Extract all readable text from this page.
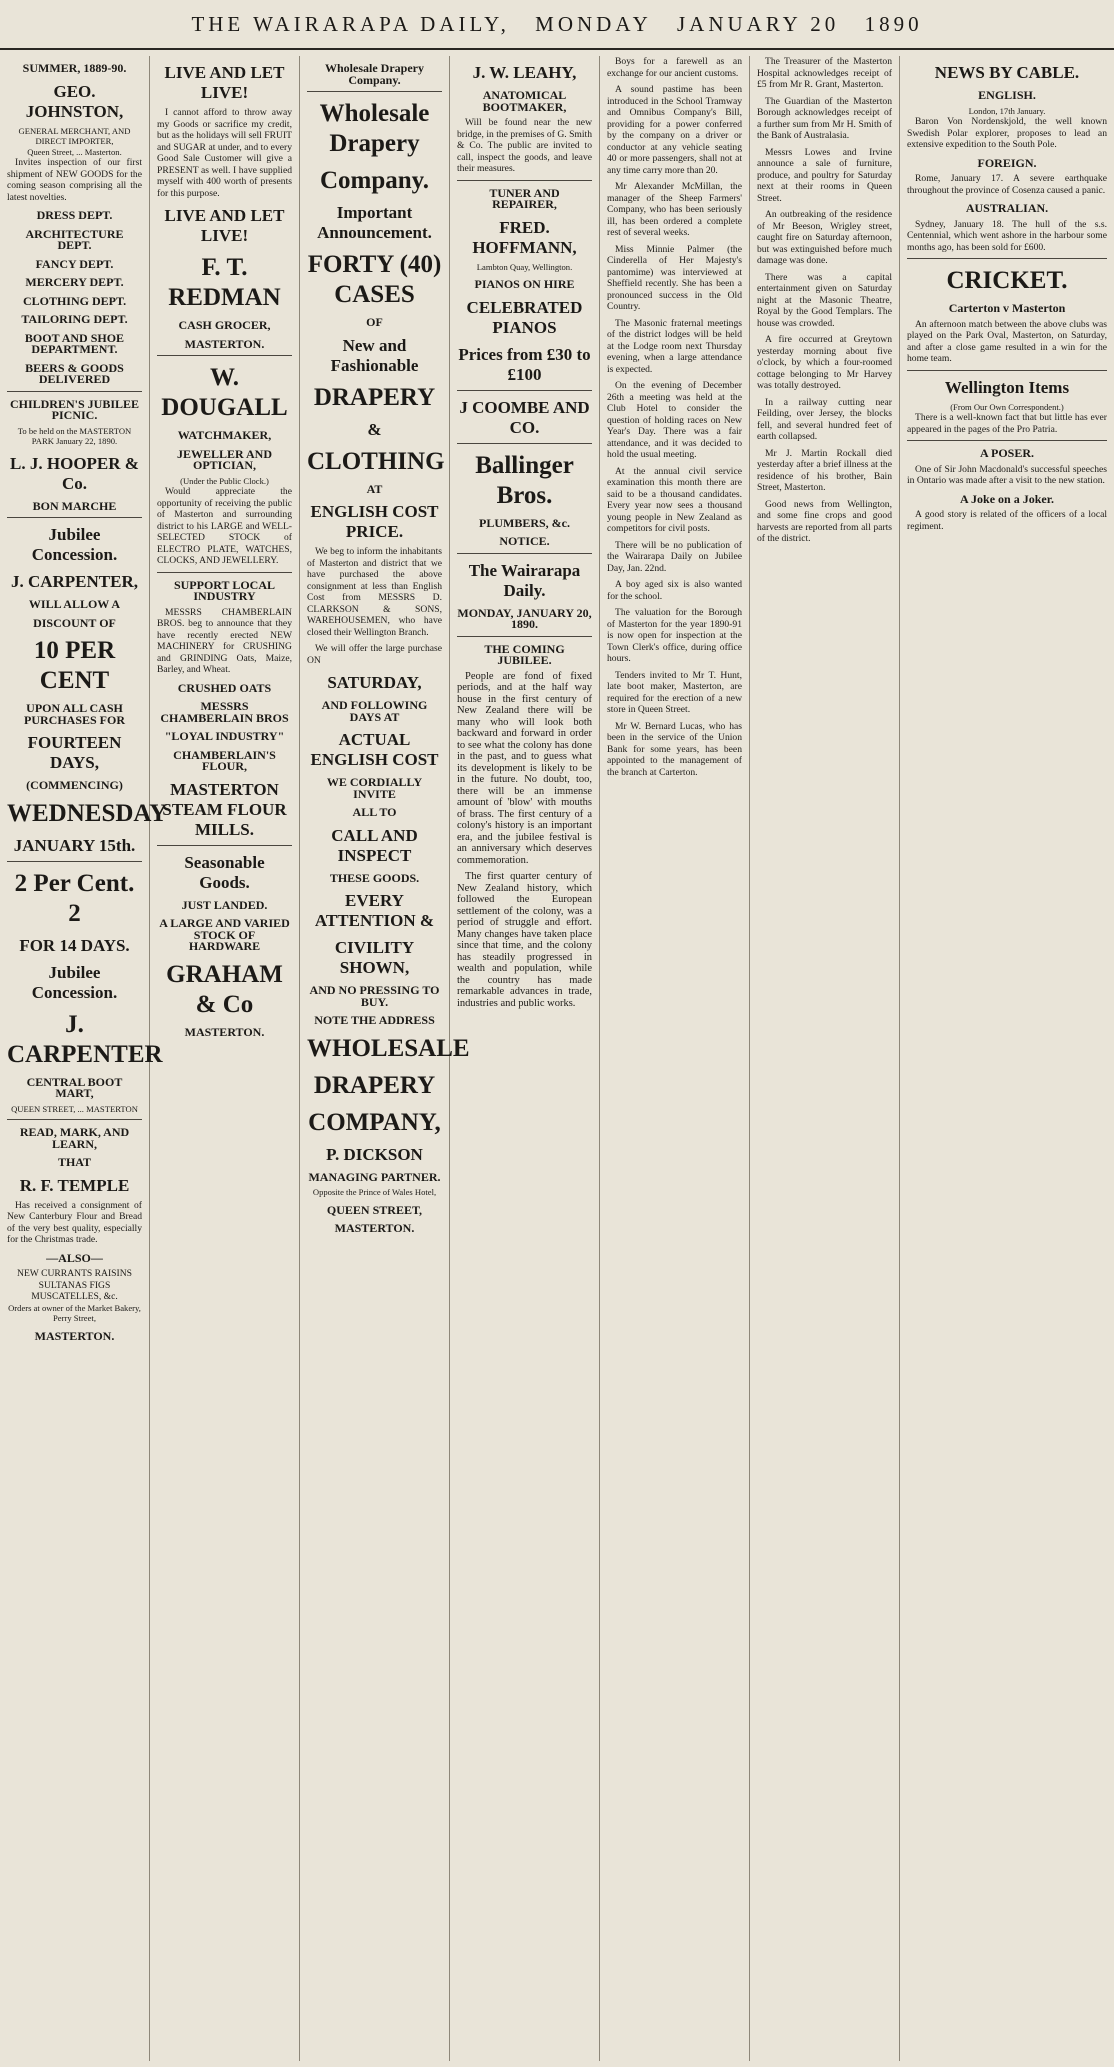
THE WAIRARAPA DAILY, MONDAY JANUARY 20 1890
SUMMER, 1889-90.
GEO. JOHNSTON,
GENERAL MERCHANT, AND DIRECT IMPORTER,
Queen Street, ... Masterton.

Invites inspection of our first shipment of NEW GOODS for the coming season comprising all the latest novelties.

DRESS DEPT.
ARCHITECTURE DEPT.
FANCY DEPT.
MERCERY DEPT.
CLOTHING DEPT.
TAILORING DEPT.
BOOT AND SHOE DEPARTMENT.
BEERS & GOODS DELIVERED
CHILDREN'S JUBILEE PICNIC.
To be held on the MASTERTON PARK January 22, 1890.
L. J. HOOPER & Co.
BON MARCHE
Jubilee Concession.
J. CARPENTER,
WILL ALLOW A
DISCOUNT OF
10 PER CENT
UPON ALL CASH PURCHASES FOR
FOURTEEN DAYS,
(COMMENCING)
WEDNESDAY
JANUARY 15th.
2 Per Cent. 2
FOR 14 DAYS.
Jubilee Concession.
J. CARPENTER
CENTRAL BOOT MART,
QUEEN STREET, ... MASTERTON
READ, MARK, AND LEARN,
THAT
R. F. TEMPLE

Has received a consignment of New Canterbury Flour and Bread of the very best quality, especially for the Christmas trade.

—ALSO—
NEW CURRANTS RAISINS SULTANAS FIGS MUSCATELLES, &c.
Orders at owner of the Market Bakery, Perry Street,
MASTERTON.
LIVE AND LET LIVE!

I cannot afford to throw away my Goods or sacrifice my credit, but as the holidays will sell FRUIT and SUGAR at under, and to every Good Sale Customer will give a PRESENT as well. I have supplied myself with 400 worth of presents for this purpose.

LIVE AND LET LIVE!
F. T. REDMAN
CASH GROCER,
MASTERTON.
W. DOUGALL
WATCHMAKER,
JEWELLER AND OPTICIAN,
(Under the Public Clock.)

Would appreciate the opportunity of receiving the public of Masterton and surrounding district to his LARGE and WELL-SELECTED STOCK of ELECTRO PLATE, WATCHES, CLOCKS, AND JEWELLERY.

SUPPORT LOCAL INDUSTRY

MESSRS CHAMBERLAIN BROS. beg to announce that they have recently erected NEW MACHINERY for CRUSHING and GRINDING Oats, Maize, Barley, and Wheat.

CRUSHED OATS
MESSRS CHAMBERLAIN BROS
"LOYAL INDUSTRY"
CHAMBERLAIN'S FLOUR,
MASTERTON STEAM FLOUR MILLS.
Seasonable Goods.
JUST LANDED.
A LARGE AND VARIED STOCK OF HARDWARE
GRAHAM & Co
MASTERTON.
Wholesale Drapery Company.
Wholesale Drapery
Company.
Important Announcement.
FORTY (40) CASES
OF
New and Fashionable
DRAPERY
&
CLOTHING
AT
ENGLISH COST PRICE.

We beg to inform the inhabitants of Masterton and district that we have purchased the above consignment at less than English Cost from MESSRS D. CLARKSON & SONS, WAREHOUSEMEN, who have closed their Wellington Branch.

We will offer the large purchase ON

SATURDAY,
AND FOLLOWING DAYS AT
ACTUAL ENGLISH COST
WE CORDIALLY INVITE
ALL TO
CALL AND INSPECT
THESE GOODS.
EVERY ATTENTION &
CIVILITY SHOWN,
AND NO PRESSING TO BUY.
NOTE THE ADDRESS
WHOLESALE
DRAPERY
COMPANY,
P. DICKSON
MANAGING PARTNER.
Opposite the Prince of Wales Hotel,
QUEEN STREET,
MASTERTON.
J. W. LEAHY,
ANATOMICAL BOOTMAKER,

Will be found near the new bridge, in the premises of G. Smith & Co. The public are invited to call, inspect the goods, and leave their measures.

TUNER AND REPAIRER,
FRED. HOFFMANN,
Lambton Quay, Wellington.
PIANOS ON HIRE
CELEBRATED PIANOS
Prices from £30 to £100
J COOMBE AND CO.
Ballinger Bros.
PLUMBERS, &c.
NOTICE.
The Wairarapa Daily.
MONDAY, JANUARY 20, 1890.
THE COMING JUBILEE.

People are fond of fixed periods, and at the half way house in the first century of New Zealand there will be many who will look both backward and forward in order to see what the colony has done in the past, and to guess what its development is likely to be in the future. No doubt, too, there will be an immense amount of 'blow' with mouths of brass. The first century of a colony's history is an important era, and the jubilee festival is an anniversary which deserves commemoration.

The first quarter century of New Zealand history, which followed the European settlement of the colony, was a period of struggle and effort. Many changes have taken place since that time, and the colony has steadily progressed in wealth and population, while the country has made remarkable advances in trade, industries and public works.

Boys for a farewell as an exchange for our ancient customs.

A sound pastime has been introduced in the School Tramway and Omnibus Company's Bill, providing for a power conferred by the company on a driver or conductor at any vehicle seating 40 or more passengers, shall not at any time carry more than 20.

Mr Alexander McMillan, the manager of the Sheep Farmers' Company, who has been seriously ill, has been ordered a complete rest of several weeks.

Miss Minnie Palmer (the Cinderella of Her Majesty's pantomime) was interviewed at Sheffield recently. She has been a pronounced success in the Old Country.

The Masonic fraternal meetings of the district lodges will be held at the Lodge room next Thursday evening, when a large attendance is expected.

On the evening of December 26th a meeting was held at the Club Hotel to consider the question of holding races on New Year's Day. There was a fair attendance, and it was decided to hold the usual meeting.

At the annual civil service examination this month there are said to be a thousand candidates. Every year now sees a thousand young people in New Zealand as competitors for civil posts.

There will be no publication of the Wairarapa Daily on Jubilee Day, Jan. 22nd.

A boy aged six is also wanted for the school.

The valuation for the Borough of Masterton for the year 1890-91 is now open for inspection at the Town Clerk's office, during office hours.

Tenders invited to Mr T. Hunt, late boot maker, Masterton, are required for the erection of a new store in Queen Street.

Mr W. Bernard Lucas, who has been in the service of the Union Bank for some years, has been appointed to the management of the branch at Carterton.

The Treasurer of the Masterton Hospital acknowledges receipt of £5 from Mr R. Grant, Masterton.

The Guardian of the Masterton Borough acknowledges receipt of a further sum from Mr H. Smith of the Bank of Australasia.

Messrs Lowes and Irvine announce a sale of furniture, produce, and poultry for Saturday next at their rooms in Queen Street.

An outbreaking of the residence of Mr Beeson, Wrigley street, caught fire on Saturday afternoon, but was extinguished before much damage was done.

There was a capital entertainment given on Saturday night at the Masonic Theatre, Royal by the Good Templars. The house was crowded.

A fire occurred at Greytown yesterday morning about five o'clock, by which a four-roomed cottage belonging to Mr Harvey was totally destroyed.

In a railway cutting near Feilding, over Jersey, the blocks fell, and several hundred feet of earth collapsed.

Mr J. Martin Rockall died yesterday after a brief illness at the residence of his brother, Bain Street, Masterton.

Good news from Wellington, and some fine crops and good harvests are reported from all parts of the district.

NEWS BY CABLE.
ENGLISH.
London, 17th January.

Baron Von Nordenskjold, the well known Swedish Polar explorer, proposes to lead an extensive expedition to the South Pole.

FOREIGN.

Rome, January 17. A severe earthquake throughout the province of Cosenza caused a panic.

AUSTRALIAN.

Sydney, January 18. The hull of the s.s. Centennial, which went ashore in the harbour some months ago, has been sold for £600.

CRICKET.
Carterton v Masterton

An afternoon match between the above clubs was played on the Park Oval, Masterton, on Saturday, and after a close game resulted in a win for the home team.

Wellington Items
(From Our Own Correspondent.)

There is a well-known fact that but little has ever appeared in the pages of the Pro Patria.

A POSER.

One of Sir John Macdonald's successful speeches in Ontario was made after a visit to the new station.

A Joke on a Joker.

A good story is related of the officers of a local regiment.
